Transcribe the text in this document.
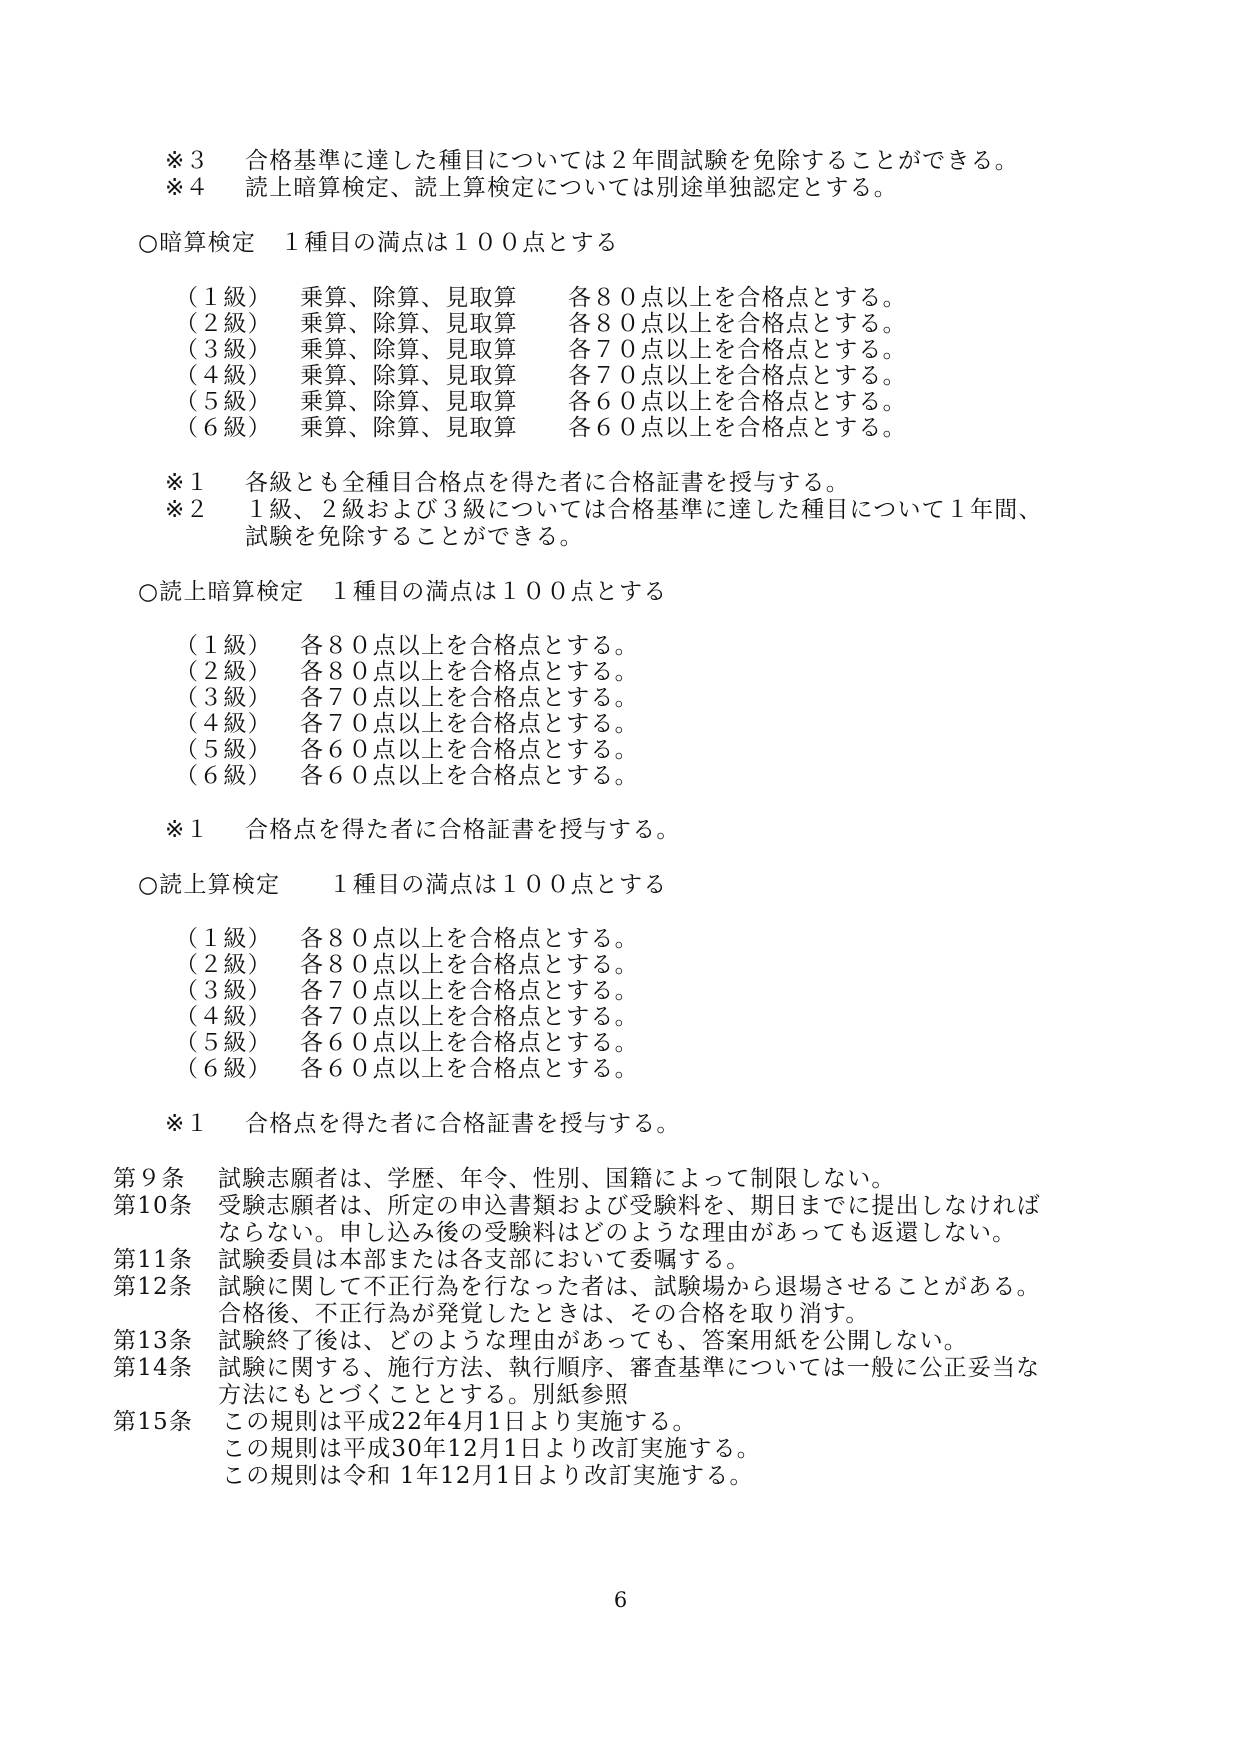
※３ 合格基準に達した種目については２年間試験を免除することができる。
※４ 読上暗算検定、読上算検定については別途単独認定とする。
○暗算検定　１種目の満点は１００点とする
（１級） 乗算、除算、見取算 各８０点以上を合格点とする。
（２級） 乗算、除算、見取算 各８０点以上を合格点とする。
（３級） 乗算、除算、見取算 各７０点以上を合格点とする。
（４級） 乗算、除算、見取算 各７０点以上を合格点とする。
（５級） 乗算、除算、見取算 各６０点以上を合格点とする。
（６級） 乗算、除算、見取算 各６０点以上を合格点とする。
※１ 各級とも全種目合格点を得た者に合格証書を授与する。
※２ １級、２級および３級については合格基準に達した種目について１年間、
試験を免除することができる。
○読上暗算検定　１種目の満点は１００点とする
（１級） 各８０点以上を合格点とする。
（２級） 各８０点以上を合格点とする。
（３級） 各７０点以上を合格点とする。
（４級） 各７０点以上を合格点とする。
（５級） 各６０点以上を合格点とする。
（６級） 各６０点以上を合格点とする。
※１ 合格点を得た者に合格証書を授与する。
○読上算検定　　１種目の満点は１００点とする
（１級） 各８０点以上を合格点とする。
（２級） 各８０点以上を合格点とする。
（３級） 各７０点以上を合格点とする。
（４級） 各７０点以上を合格点とする。
（５級） 各６０点以上を合格点とする。
（６級） 各６０点以上を合格点とする。
※１ 合格点を得た者に合格証書を授与する。
第９条 試験志願者は、学歴、年令、性別、国籍によって制限しない。
第10条 受験志願者は、所定の申込書類および受験料を、期日までに提出しなければ
ならない。申し込み後の受験料はどのような理由があっても返還しない。
第11条 試験委員は本部または各支部において委嘱する。
第12条 試験に関して不正行為を行なった者は、試験場から退場させることがある。
合格後、不正行為が発覚したときは、その合格を取り消す。
第13条 試験終了後は、どのような理由があっても、答案用紙を公開しない。
第14条 試験に関する、施行方法、執行順序、審査基準については一般に公正妥当な
方法にもとづくこととする。別紙参照
第15条 この規則は平成22年4月1日より実施する。
この規則は平成30年12月1日より改訂実施する。
この規則は令和 1年12月1日より改訂実施する。
6
